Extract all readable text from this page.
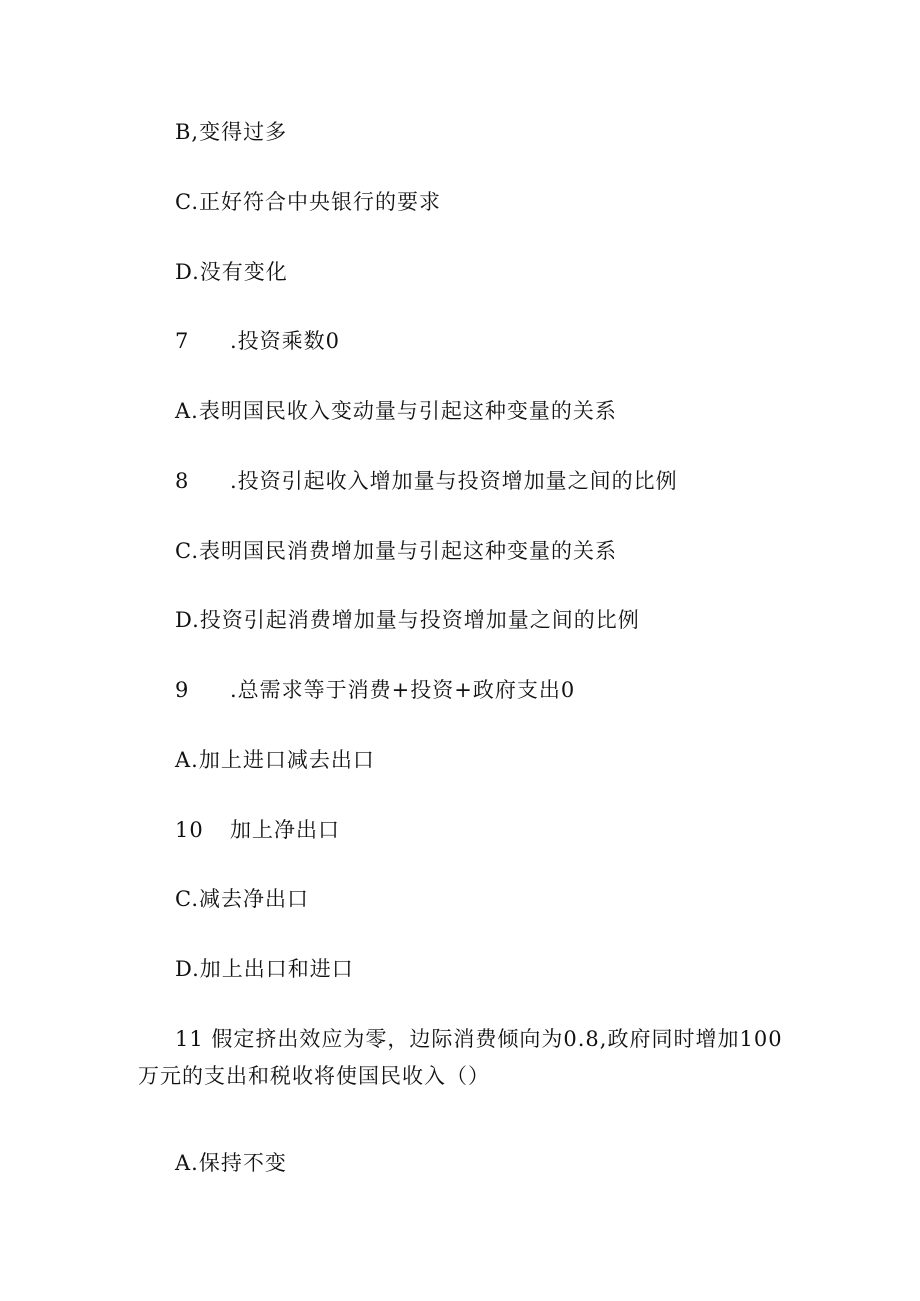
B,变得过多
C.正好符合中央银行的要求
D.没有变化
7	.投资乘数0
A.表明国民收入变动量与引起这种变量的关系
8	.投资引起收入增加量与投资增加量之间的比例
C.表明国民消费增加量与引起这种变量的关系
D.投资引起消费增加量与投资增加量之间的比例
9	.总需求等于消费+投资+政府支出0
A.加上进口减去出口
10	加上净出口
C.减去净出口
D.加上出口和进口
11 假定挤出效应为零，边际消费倾向为0.8,政府同时增加100万元的支出和税收将使国民收入（）
A.保持不变
